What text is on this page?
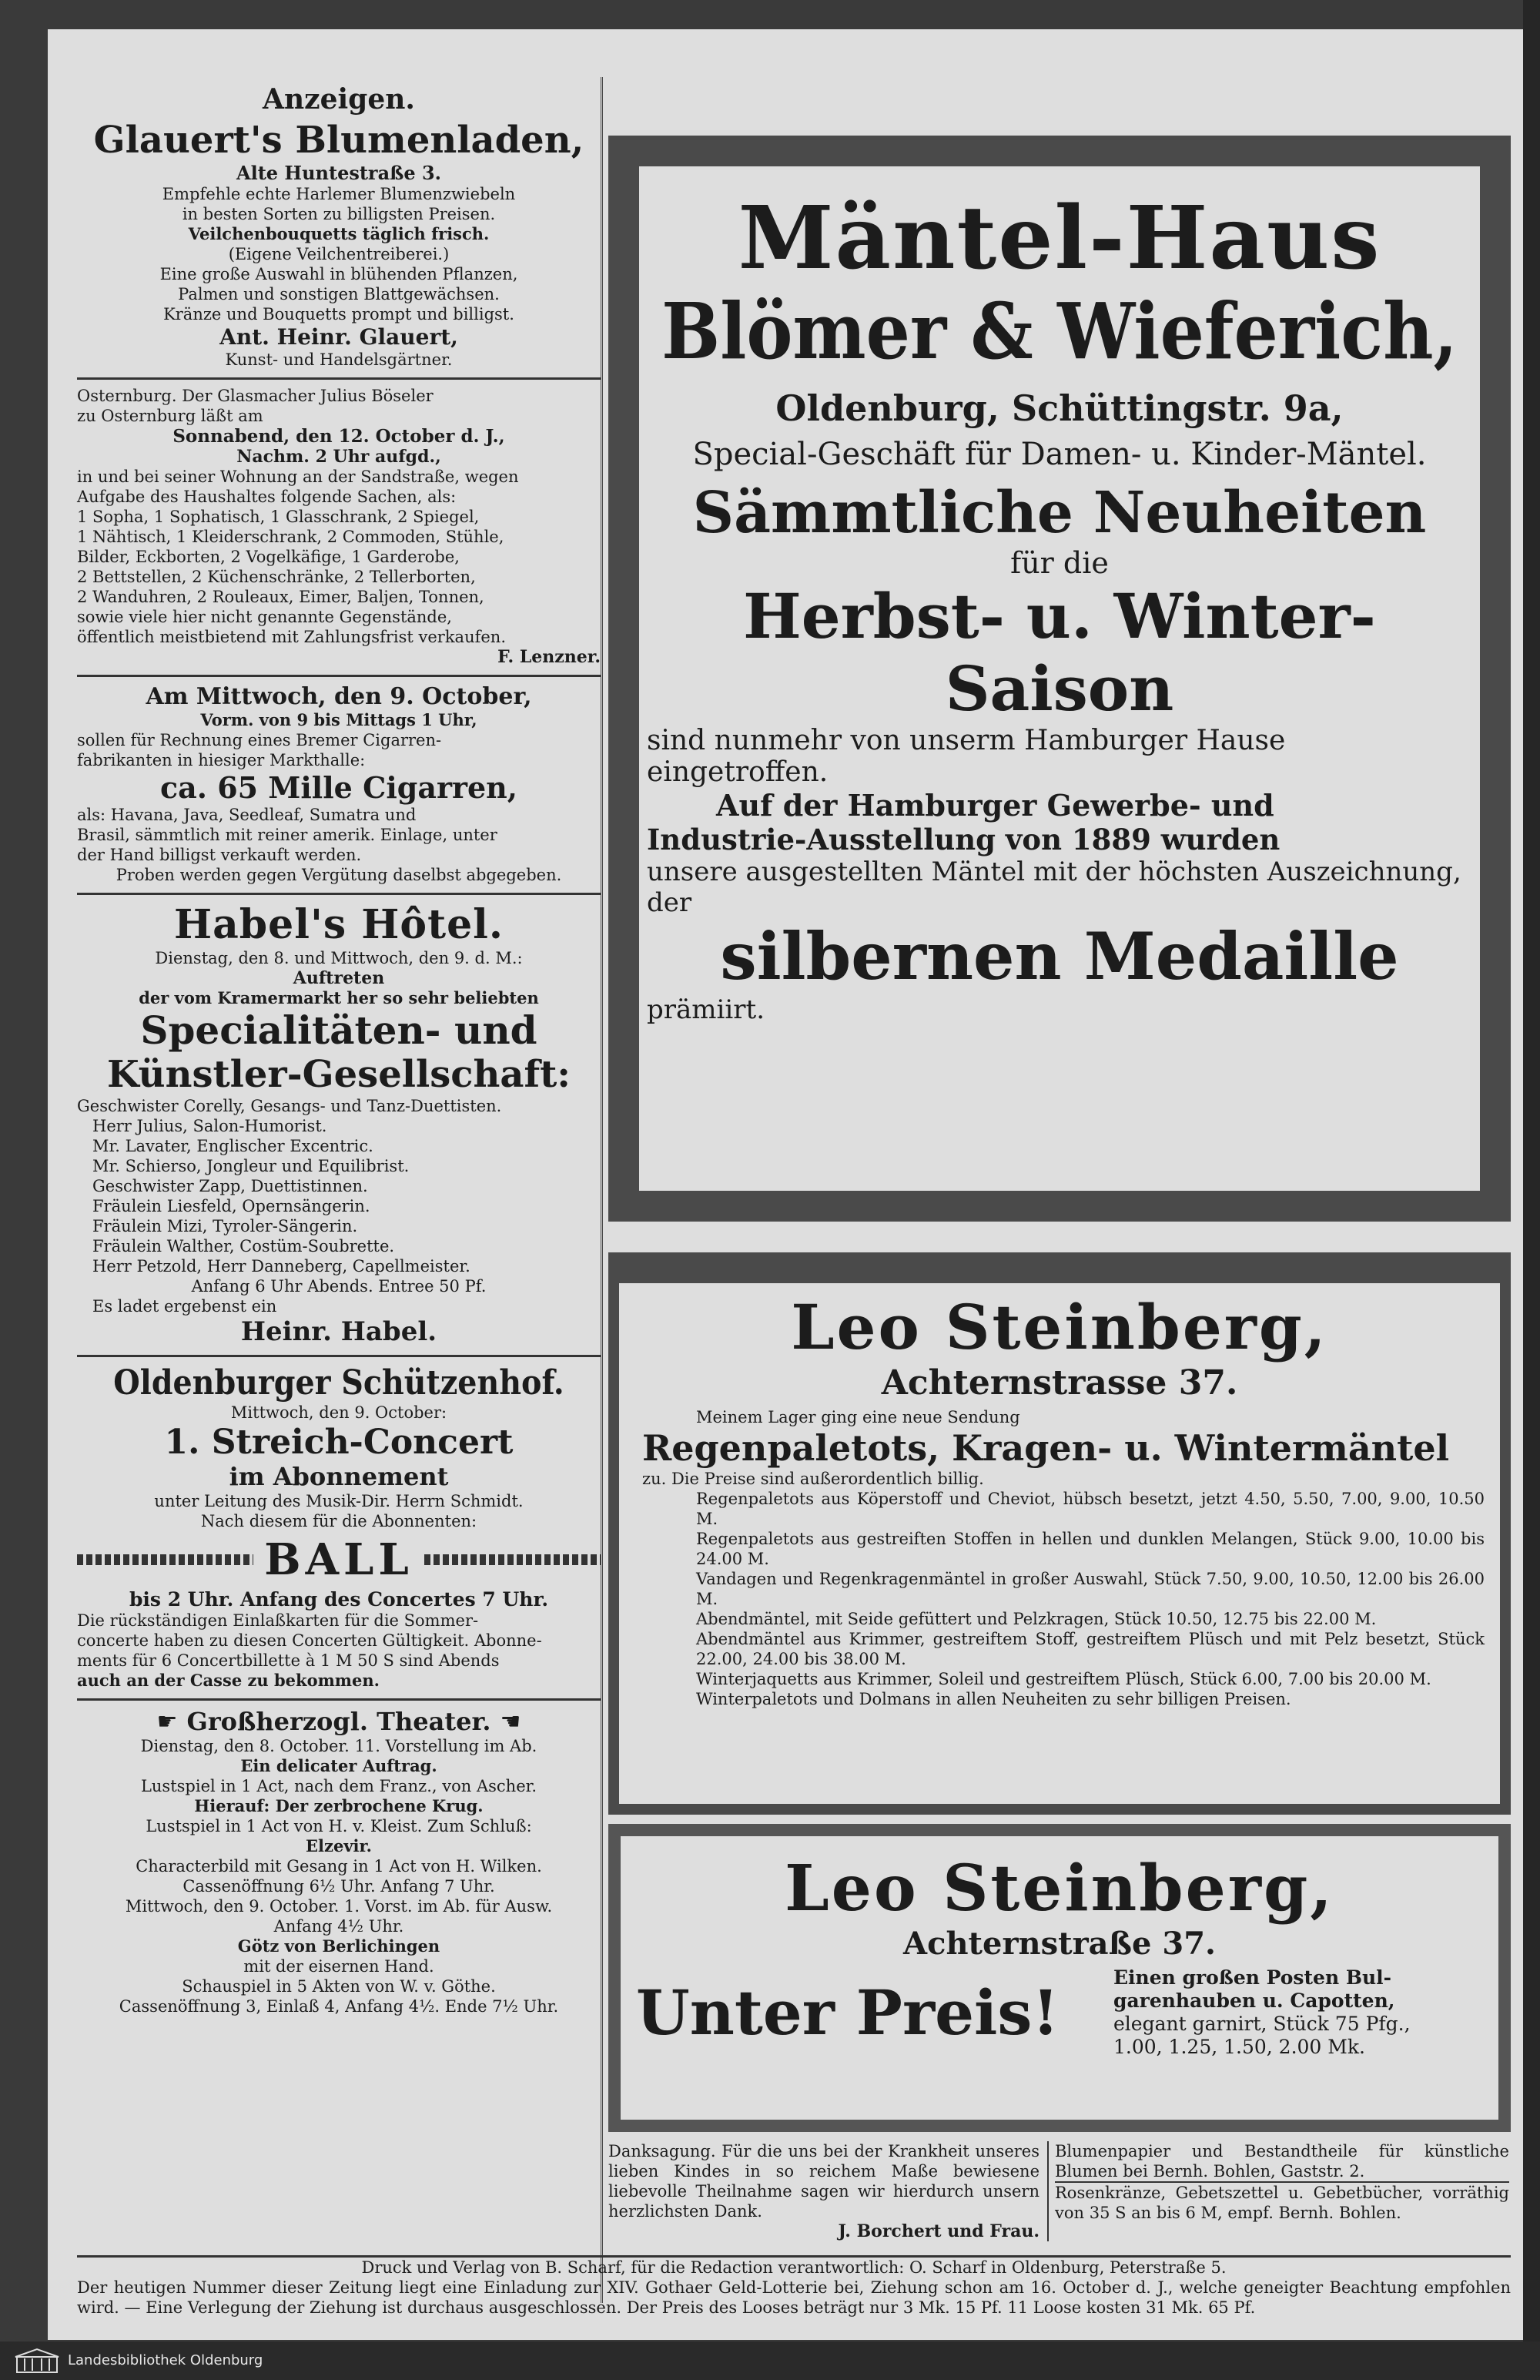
Anzeigen.
Glauert's Blumenladen,
Alte Huntestraße 3.
Empfehle echte Harlemer Blumenzwiebeln
in besten Sorten zu billigsten Preisen.
Veilchenbouquetts täglich frisch.
(Eigene Veilchentreiberei.)
Eine große Auswahl in blühenden Pflanzen,
Palmen und sonstigen Blattgewächsen.
Kränze und Bouquetts prompt und billigst.
Ant. Heinr. Glauert,
Kunst- und Handelsgärtner.
Osternburg. Der Glasmacher Julius Böseler
zu Osternburg läßt am
Sonnabend, den 12. October d. J.,
Nachm. 2 Uhr aufgd.,
in und bei seiner Wohnung an der Sandstraße, wegen
Aufgabe des Haushaltes folgende Sachen, als:
1 Sopha, 1 Sophatisch, 1 Glasschrank, 2 Spiegel,
1 Nähtisch, 1 Kleiderschrank, 2 Commoden, Stühle,
Bilder, Eckborten, 2 Vogelkäfige, 1 Garderobe,
2 Bettstellen, 2 Küchenschränke, 2 Tellerborten,
2 Wanduhren, 2 Rouleaux, Eimer, Baljen, Tonnen,
sowie viele hier nicht genannte Gegenstände,
öffentlich meistbietend mit Zahlungsfrist verkaufen.
F. Lenzner.
Am Mittwoch, den 9. October,
Vorm. von 9 bis Mittags 1 Uhr,
sollen für Rechnung eines Bremer Cigarren-
fabrikanten in hiesiger Markthalle:
ca. 65 Mille Cigarren,
als: Havana, Java, Seedleaf, Sumatra und
Brasil, sämmtlich mit reiner amerik. Einlage, unter
der Hand billigst verkauft werden.
Proben werden gegen Vergütung daselbst abgegeben.
Habel's Hôtel.
Dienstag, den 8. und Mittwoch, den 9. d. M.:
Auftreten
der vom Kramermarkt her so sehr beliebten
Specialitäten- und
Künstler-Gesellschaft:
Geschwister Corelly, Gesangs- und Tanz-Duettisten.
Herr Julius, Salon-Humorist.
Mr. Lavater, Englischer Excentric.
Mr. Schierso, Jongleur und Equilibrist.
Geschwister Zapp, Duettistinnen.
Fräulein Liesfeld, Opernsängerin.
Fräulein Mizi, Tyroler-Sängerin.
Fräulein Walther, Costüm-Soubrette.
Herr Petzold, Herr Danneberg, Capellmeister.
Anfang 6 Uhr Abends. Entree 50 Pf.
Es ladet ergebenst ein
Heinr. Habel.
Oldenburger Schützenhof.
Mittwoch, den 9. October:
1. Streich-Concert
im Abonnement
unter Leitung des Musik-Dir. Herrn Schmidt.
Nach diesem für die Abonnenten:
BALL
bis 2 Uhr. Anfang des Concertes 7 Uhr.
Die rückständigen Einlaßkarten für die Sommer-
concerte haben zu diesen Concerten Gültigkeit. Abonne-
ments für 6 Concertbillette à 1 M 50 S sind Abends
auch an der Casse zu bekommen.
☛ Großherzogl. Theater. ☚
Dienstag, den 8. October. 11. Vorstellung im Ab.
Ein delicater Auftrag.
Lustspiel in 1 Act, nach dem Franz., von Ascher.
Hierauf: Der zerbrochene Krug.
Lustspiel in 1 Act von H. v. Kleist. Zum Schluß:
Elzevir.
Characterbild mit Gesang in 1 Act von H. Wilken.
Cassenöffnung 6½ Uhr. Anfang 7 Uhr.
Mittwoch, den 9. October. 1. Vorst. im Ab. für Ausw.
Anfang 4½ Uhr.
Götz von Berlichingen
mit der eisernen Hand.
Schauspiel in 5 Akten von W. v. Göthe.
Cassenöffnung 3, Einlaß 4, Anfang 4½. Ende 7½ Uhr.
Mäntel-Haus
Blömer & Wieferich,
Oldenburg, Schüttingstr. 9a,
Special-Geschäft für Damen- u. Kinder-Mäntel.
Sämmtliche Neuheiten
für die
Herbst- u. Winter-Saison
sind nunmehr von unserm Hamburger Hause
eingetroffen.
Auf der Hamburger Gewerbe- und
Industrie-Ausstellung von 1889 wurden
unsere ausgestellten Mäntel mit der höchsten Auszeichnung,
der
silbernen Medaille
prämiirt.
Leo Steinberg,
Achternstrasse 37.
Meinem Lager ging eine neue Sendung
Regenpaletots, Kragen- u. Wintermäntel
zu. Die Preise sind außerordentlich billig.
Regenpaletots aus Köperstoff und Cheviot, hübsch besetzt, jetzt 4.50, 5.50, 7.00, 9.00, 10.50 M.
Regenpaletots aus gestreiften Stoffen in hellen und dunklen Melangen, Stück 9.00, 10.00 bis 24.00 M.
Vandagen und Regenkragenmäntel in großer Auswahl, Stück 7.50, 9.00, 10.50, 12.00 bis 26.00 M.
Abendmäntel, mit Seide gefüttert und Pelzkragen, Stück 10.50, 12.75 bis 22.00 M.
Abendmäntel aus Krimmer, gestreiftem Stoff, gestreiftem Plüsch und mit Pelz besetzt, Stück 22.00, 24.00 bis 38.00 M.
Winterjaquetts aus Krimmer, Soleil und gestreiftem Plüsch, Stück 6.00, 7.00 bis 20.00 M.
Winterpaletots und Dolmans in allen Neuheiten zu sehr billigen Preisen.
Leo Steinberg,
Achternstraße 37.
Unter Preis!	Einen großen Posten Bul-
garenhauben u. Capotten,
elegant garnirt, Stück 75 Pfg.,
1.00, 1.25, 1.50, 2.00 Mk.
Danksagung. Für die uns bei der Krankheit unseres lieben Kindes in so reichem Maße bewiesene liebevolle Theilnahme sagen wir hierdurch unsern herzlichsten Dank.
J. Borchert und Frau.
Blumenpapier und Bestandtheile für künstliche Blumen bei Bernh. Bohlen, Gaststr. 2.
Rosenkränze, Gebetszettel u. Gebetbücher, vorräthig von 35 S an bis 6 M, empf. Bernh. Bohlen.
Druck und Verlag von B. Scharf, für die Redaction verantwortlich: O. Scharf in Oldenburg, Peterstraße 5.
Der heutigen Nummer dieser Zeitung liegt eine Einladung zur XIV. Gothaer Geld-Lotterie bei, Ziehung schon am 16. October d. J., welche geneigter Beachtung empfohlen wird. — Eine Verlegung der Ziehung ist durchaus ausgeschlossen. Der Preis des Looses beträgt nur 3 Mk. 15 Pf. 11 Loose kosten 31 Mk. 65 Pf.
Landesbibliothek Oldenburg
